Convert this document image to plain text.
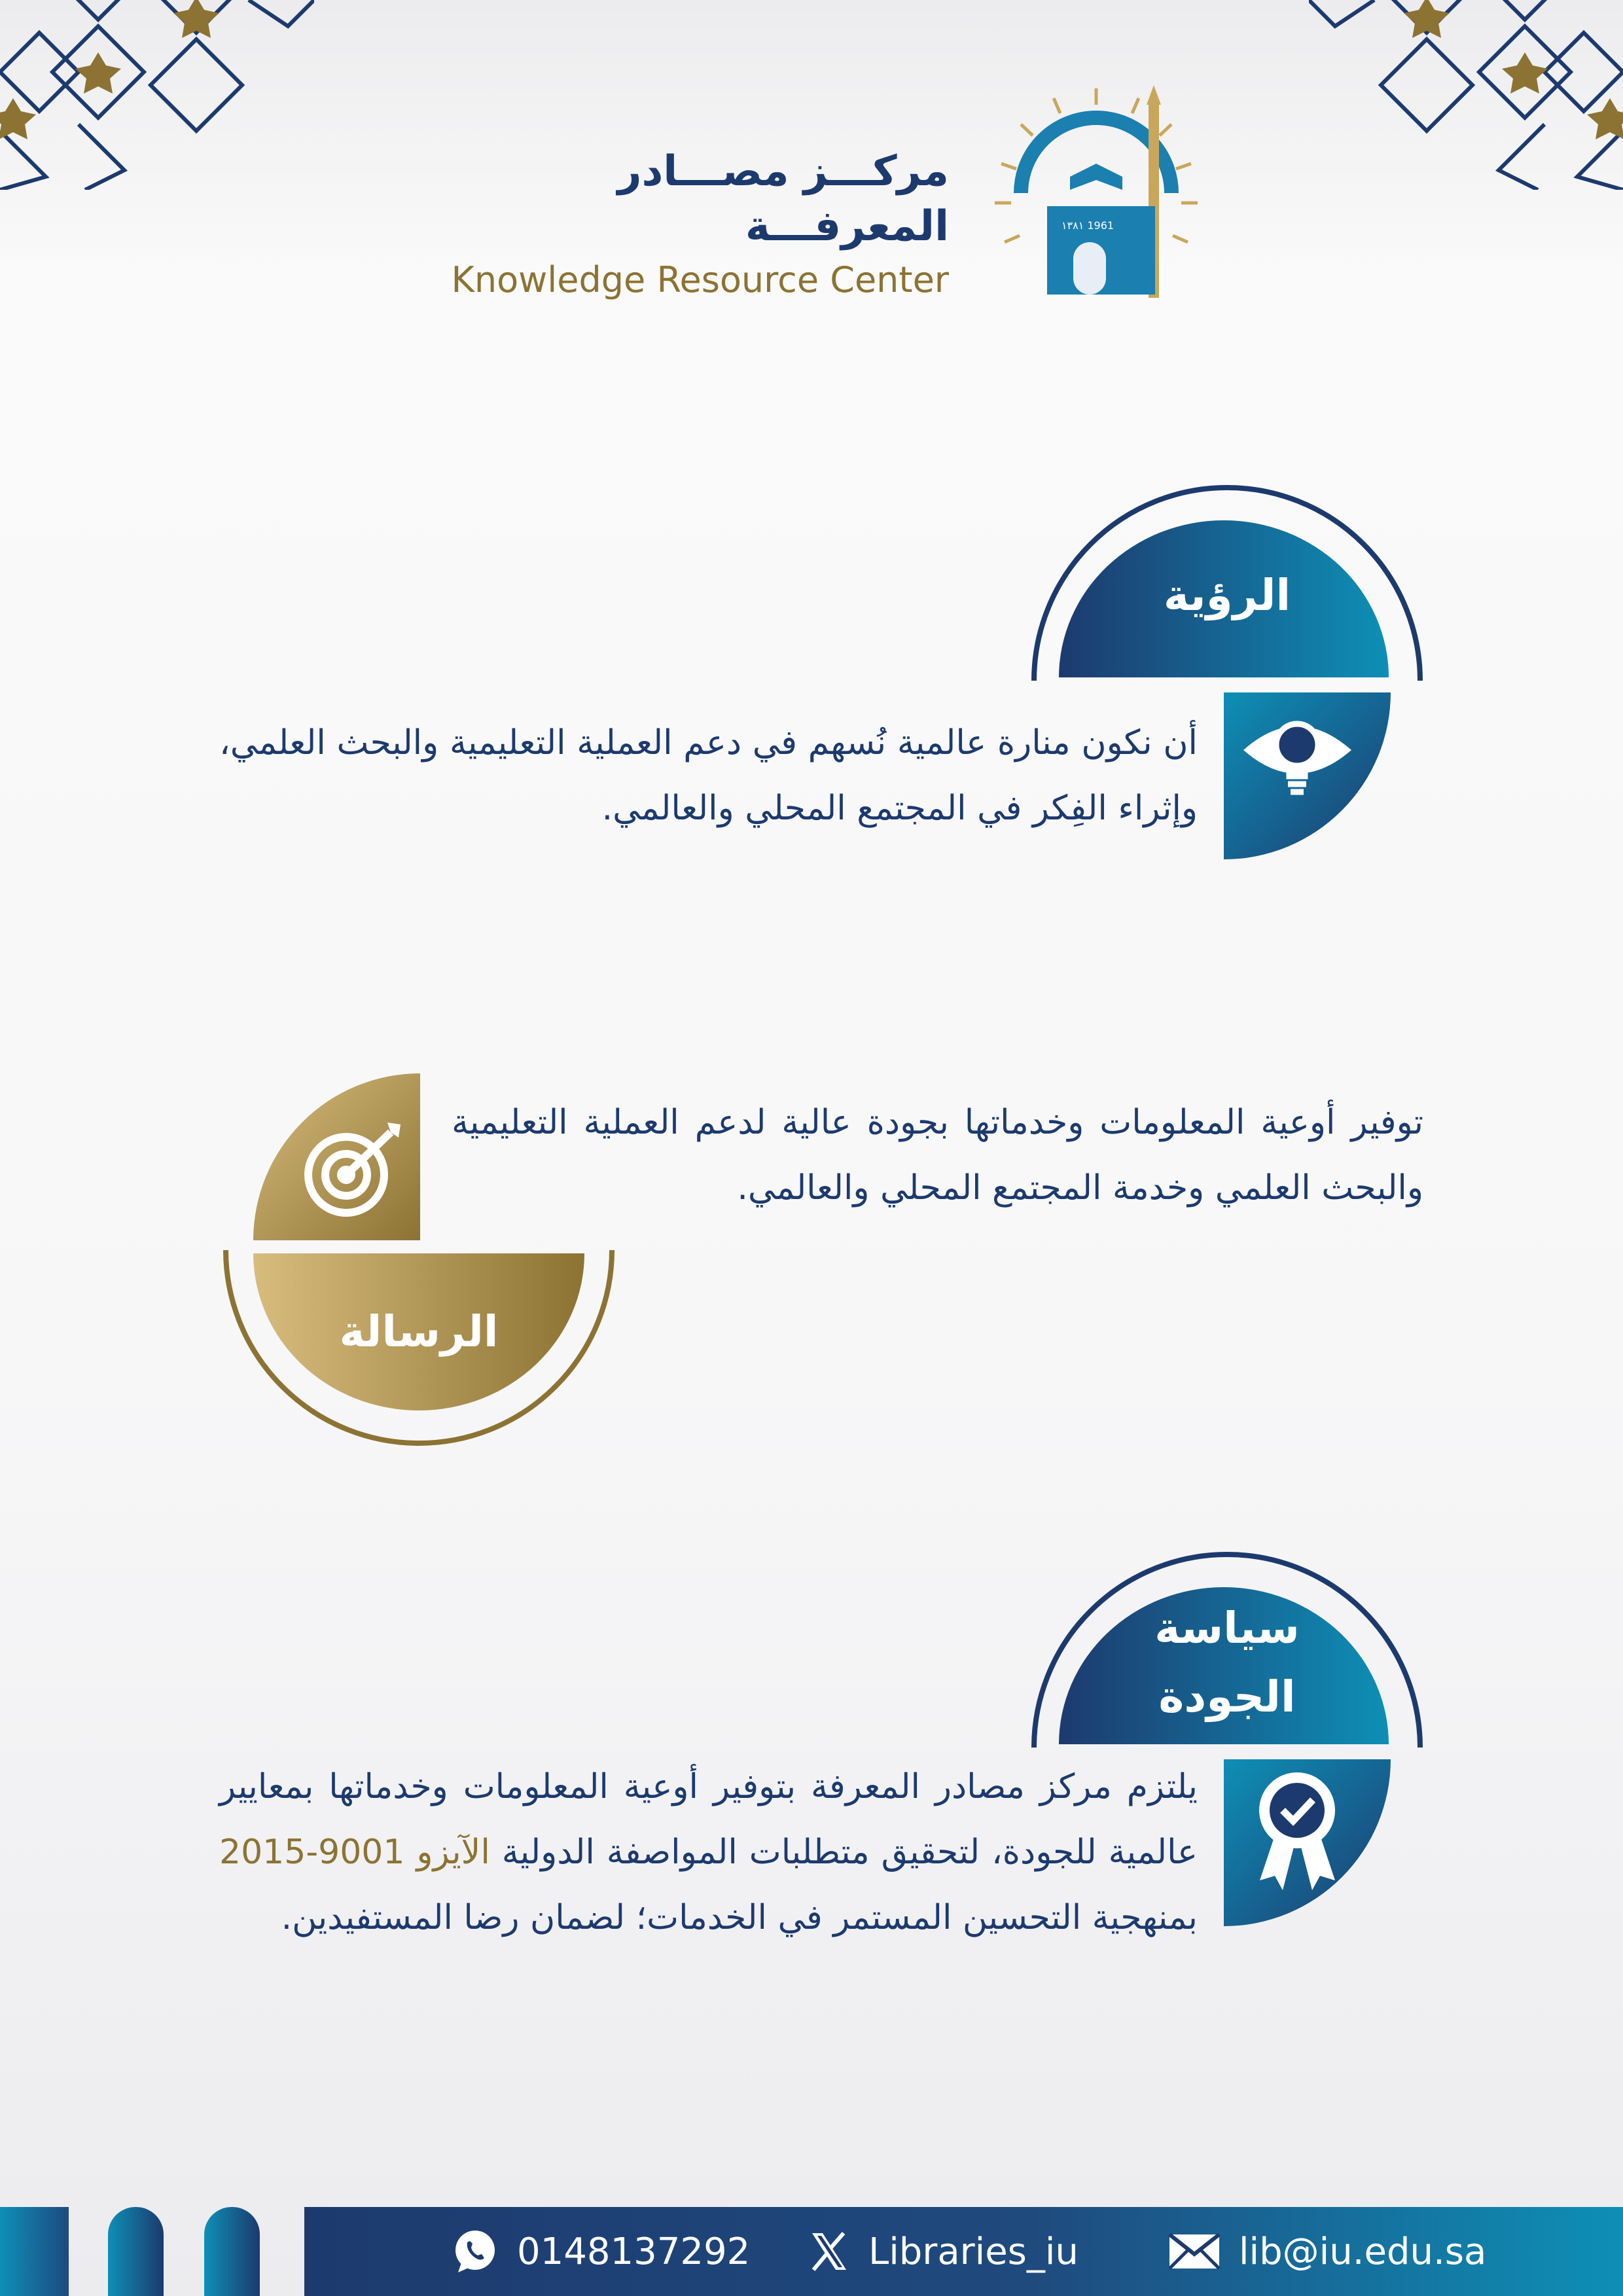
مركـــز مصـــادر المعرفـــة
Knowledge Resource Center
١٣٨١ 1961
الرؤية
أن نكون منارة عالمية نُسهم في دعم العملية التعليمية والبحث العلمي، وإثراء الفِكر في المجتمع المحلي والعالمي.
توفير أوعية المعلومات وخدماتها بجودة عالية لدعم العملية التعليمية والبحث العلمي وخدمة المجتمع المحلي والعالمي.
الرسالة
سياسة
الجودة
يلتزم مركز مصادر المعرفة بتوفير أوعية المعلومات وخدماتها بمعايير عالمية للجودة، لتحقيق متطلبات المواصفة الدولية الآيزو 9001-2015 بمنهجية التحسين المستمر في الخدمات؛ لضمان رضا المستفيدين.
0148137292	Libraries_iu	lib@iu.edu.sa
